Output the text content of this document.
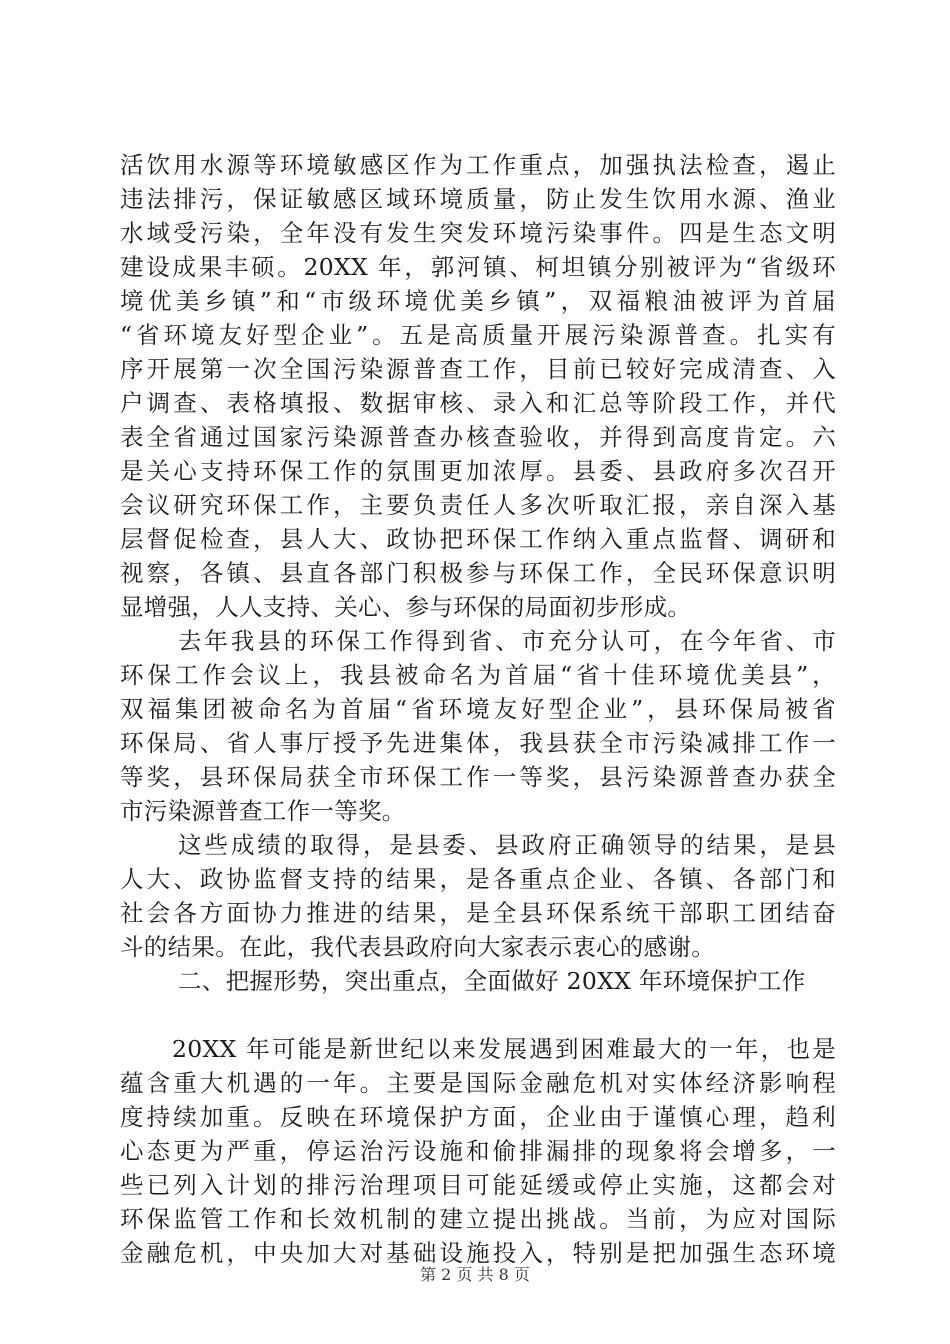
活饮用水源等环境敏感区作为工作重点，加强执法检查，遏止
违法排污，保证敏感区域环境质量，防止发生饮用水源、渔业
水域受污染，全年没有发生突发环境污染事件。四是生态文明
建设成果丰硕。20XX 年，郭河镇、柯坦镇分别被评为“省级环
境优美乡镇”和“市级环境优美乡镇”，双福粮油被评为首届
“省环境友好型企业”。五是高质量开展污染源普查。扎实有
序开展第一次全国污染源普查工作，目前已较好完成清查、入
户调查、表格填报、数据审核、录入和汇总等阶段工作，并代
表全省通过国家污染源普查办核查验收，并得到高度肯定。六
是关心支持环保工作的氛围更加浓厚。县委、县政府多次召开
会议研究环保工作，主要负责任人多次听取汇报，亲自深入基
层督促检查，县人大、政协把环保工作纳入重点监督、调研和
视察，各镇、县直各部门积极参与环保工作，全民环保意识明
显增强，人人支持、关心、参与环保的局面初步形成。
去年我县的环保工作得到省、市充分认可，在今年省、市
环保工作会议上，我县被命名为首届“省十佳环境优美县”，
双福集团被命名为首届“省环境友好型企业”，县环保局被省
环保局、省人事厅授予先进集体，我县获全市污染减排工作一
等奖，县环保局获全市环保工作一等奖，县污染源普查办获全
市污染源普查工作一等奖。
这些成绩的取得，是县委、县政府正确领导的结果，是县
人大、政协监督支持的结果，是各重点企业、各镇、各部门和
社会各方面协力推进的结果，是全县环保系统干部职工团结奋
斗的结果。在此，我代表县政府向大家表示衷心的感谢。
二、把握形势，突出重点，全面做好 20XX 年环境保护工作
20XX 年可能是新世纪以来发展遇到困难最大的一年，也是
蕴含重大机遇的一年。主要是国际金融危机对实体经济影响程
度持续加重。反映在环境保护方面，企业由于谨慎心理，趋利
心态更为严重，停运治污设施和偷排漏排的现象将会增多，一
些已列入计划的排污治理项目可能延缓或停止实施，这都会对
环保监管工作和长效机制的建立提出挑战。当前，为应对国际
金融危机，中央加大对基础设施投入，特别是把加强生态环境
第 2 页 共 8 页
